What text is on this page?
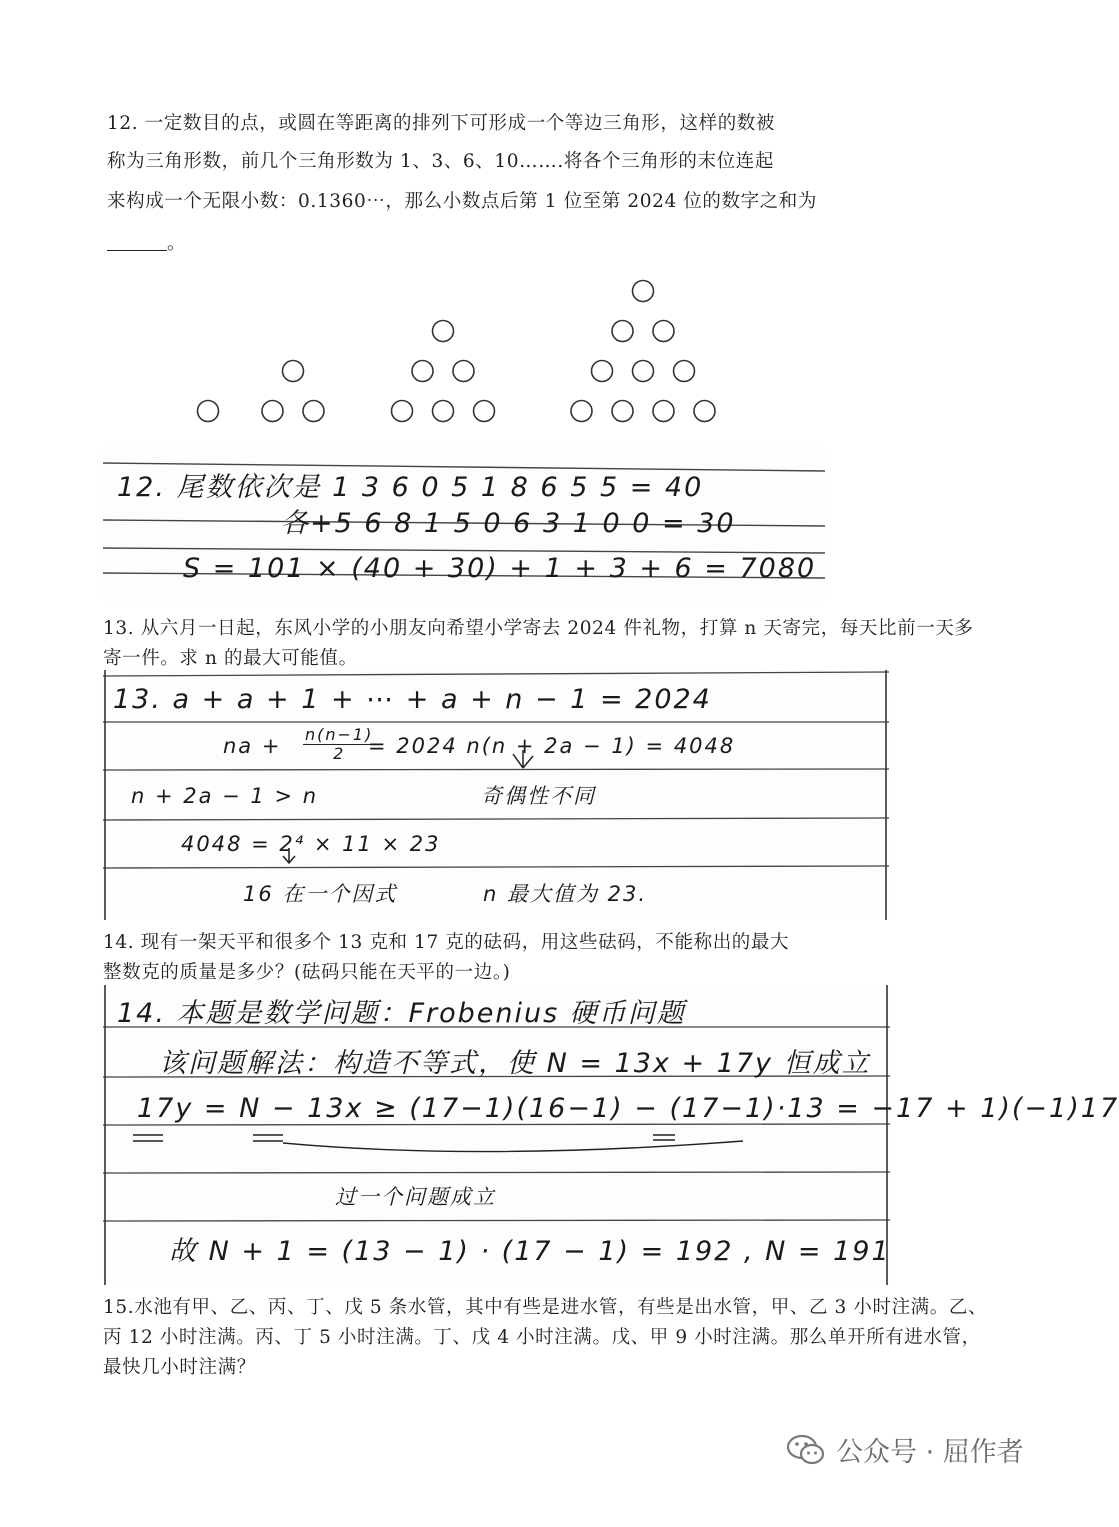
12. 一定数目的点，或圆在等距离的排列下可形成一个等边三角形，这样的数被
称为三角形数，前几个三角形数为 1、3、6、10…….将各个三角形的末位连起
来构成一个无限小数：0.1360⋯，那么小数点后第 1 位至第 2024 位的数字之和为
。
12. 尾数依次是 1 3 6 0 5 1 8 6 5 5 = 40
各+5 6 8 1 5 0 6 3 1 0 0 = 30
S = 101 × (40 + 30) + 1 + 3 + 6 = 7080
13. 从六月一日起，东风小学的小朋友向希望小学寄去 2024 件礼物，打算 n 天寄完，每天比前一天多
寄一件。求 n 的最大可能值。
13. a + a + 1 + ⋯ + a + n − 1 = 2024
na + $\frac{n(n-1)}{2}$
= 2024 n(n + 2a − 1) = 4048
n + 2a − 1 > n	奇偶性不同
4048 = 2⁴ × 11 × 23
16 在一个因式	n 最大值为 23.
14. 现有一架天平和很多个 13 克和 17 克的砝码，用这些砝码，不能称出的最大
整数克的质量是多少？(砝码只能在天平的一边。)
14. 本题是数学问题：Frobenius 硬币问题
该问题解法：构造不等式，使 N = 13x + 17y 恒成立
17y = N − 13x ≥ (17−1)(16−1) − (17−1)·13 = −17 + 1)(−1)17
过一个问题成立
故 N + 1 = (13 − 1) · (17 − 1) = 192 , N = 191
15.水池有甲、乙、丙、丁、戊 5 条水管，其中有些是进水管，有些是出水管，甲、乙 3 小时注满。乙、
丙 12 小时注满。丙、丁 5 小时注满。丁、戊 4 小时注满。戊、甲 9 小时注满。那么单开所有进水管，
最快几小时注满？
公众号 · 屈作者
